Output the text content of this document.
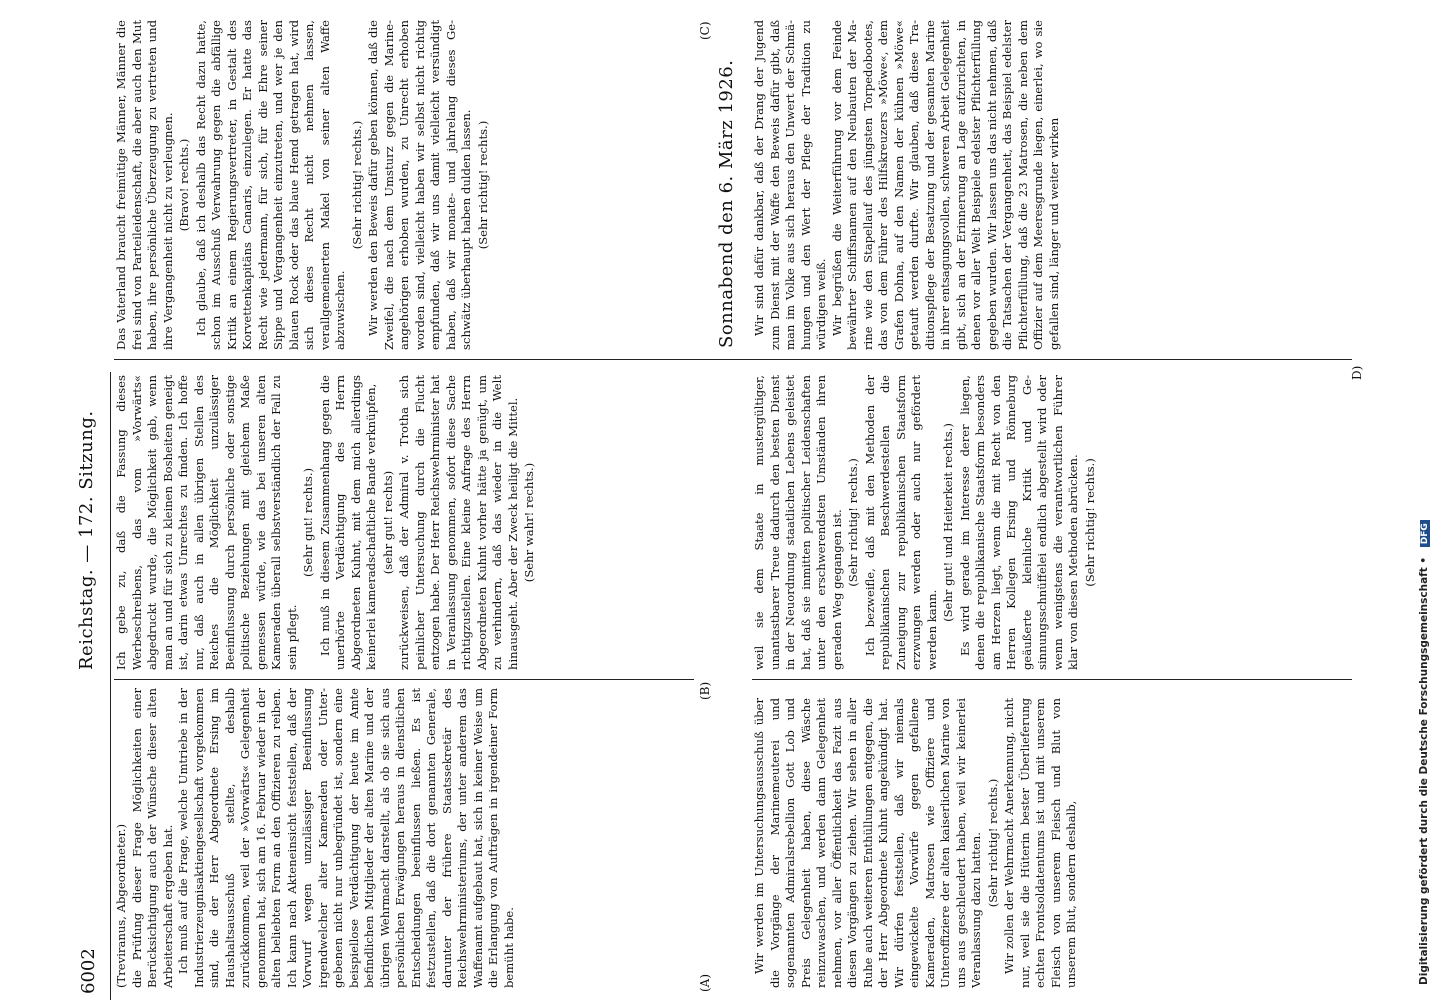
6002
Reichstag. — 172. Sitzung.

(Treviranus, Abgeordneter.) die Prüfung dieser Frage Möglichkeiten einer Berücksichtigung auch der Wünsche dieser alten Arbeiterschaft ergeben hat. Ich muß auf die Frage, welche Umtriebe in der Industrierzeugnisaktiengesellschaft vorgekommen sind, die der Herr Abgeordnete Ersing im Haushaltsausschuß stellte, deshalb zurückkommen, weil der »Vorwärts« Gelegenheit genommen hat, sich am 16. Februar wieder in der alten beliebten Form an den Offizieren zu reiben. Ich kann nach Akteneinsicht feststellen, daß der Vorwurf wegen unzulässiger Beeinflussung irgendwelcher alter Kameraden oder Untergebenen nicht nur unbegründet ist, sondern eine beispiellose Verdächtigung der heute im Amte befindlichen Mitglieder der alten Marine und der übrigen Wehrmacht darstellt, als ob sie sich aus persönlichen Erwägungen heraus in dienstlichen Entscheidungen beeinflussen ließen. Es ist festzustellen, daß die dort genannten Generale, darunter der frühere Staatssekretär des Reichswehrministeriums, der unter anderem das Waffenamt aufgebaut hat, sich in keiner Weise um die Erlangung von Aufträgen in irgendeiner Form bemüht habe.

Ich gebe zu, daß die Fassung dieses Werbeschreibens, das vom »Vorwärts« abgedruckt wurde, die Möglichkeit gab, wenn man an und für sich zu kleinen Bosheiten geneigt ist, darin etwas Unrechtes zu finden. Ich hoffe nur, daß auch in allen übrigen Stellen des Reiches die Möglichkeit unzulässiger Beeinflussung durch persönliche oder sonstige politische Beziehungen mit gleichem Maße gemessen würde, wie das bei unseren alten Kameraden überall selbstverständlich der Fall zu sein pflegt.

(Sehr gut! rechts.) Ich muß in diesem Zusammenhang gegen die unerhörte Verdächtigung des Herrn Abgeordneten Kuhnt, mit dem mich allerdings keinerlei kameradschaftliche Bande verknüpfen, (sehr gut! rechts) zurückweisen, daß der Admiral v. Trotha sich peinlicher Untersuchung durch die Flucht entzogen habe. Der Herr Reichswehrminister hat in Veranlassung genommen, sofort diese Sache richtigzustellen. Eine kleine Anfrage des Herrn Abgeordneten Kuhnt vorher hätte ja genügt, um zu verhindern, daß das wieder in die Welt hinausgeht. Aber der Zweck heiligt die Mittel. (Sehr wahr! rechts.)

Sonnabend den 6. März 1926.

Wir werden im Untersuchungsausschuß über die Vorgänge der Marinemeuterei und sogenannten Admiralsrebellion Gott Lob und Preis Gelegenheit haben, diese Wäsche reinzuwaschen, und werden dann Gelegenheit nehmen, vor aller Öffentlichkeit das Fazit aus diesen Vorgängen zu ziehen. Wir sehen in aller Ruhe auch weiteren Enthüllungen entgegen, die der Herr Abgeordnete Kuhnt angekündigt hat. Wir dürfen feststellen, daß wir niemals eingewickelte Vorwürfe gegen gefallene Kameraden, Matrosen wie Offiziere und Unteroffiziere der alten kaiserlichen Marine von uns aus geschleudert haben, weil wir keinerlei Veranlassung dazu hatten. (Sehr richtig! rechts.) Wir zollen der Wehrmacht Anerkennung, nicht nur, weil sie die Hüterin bester Überlieferung echten Frontsoldatentums ist und mit unserem Fleisch von unserem Fleisch und Blut von unserem Blut, sondern deshalb,

weil sie dem Staate in mustergültiger, unantastbarer Treue dadurch den besten Dienst in der Neuordnung staatlichen Lebens geleistet hat, daß sie inmitten politischer Leidenschaften unter den erschwerendsten Umständen ihren geraden Weg gegangen ist. (Sehr richtig! rechts.) Ich bezweifle, daß mit den Methoden der republikanischen Beschwerdestellen die Zuneigung zur republikanischen Staatsform erzwungen werden oder auch nur gefördert werden kann.

(Sehr gut! und Heiterkeit rechts.) Es wird gerade im Interesse derer liegen, denen die republikanische Staatsform besonders am Herzen liegt, wenn die mit Recht von den Herren Kollegen Ersing und Rönneburg geäußerte kleinliche Kritik und Gesinnungsschnüffelei endlich abgestellt wird oder wenn wenigstens die verantwortlichen Führer klar von diesen Methoden abrücken. (Sehr richtig! rechts.)

Das Vaterland braucht freimütige Männer, Männer die frei sind von Parteileidenschaft, die aber auch den Mut haben, ihre persönliche Überzeugung zu vertreten und ihre Vergangenheit nicht zu verleugnen. (Bravo! rechts.) Ich glaube, daß ich deshalb das Recht dazu hatte, schon im Ausschuß Verwahrung gegen die abfällige Kritik an einem Regierungsvertreter, in Gestalt des Korvettenkapitäns Canaris, einzulegen. Er hatte das Recht wie jedermann, für sich, für die Ehre seiner Sippe und Vergangenheit einzutreten, und wer je den blauen Rock oder das blaue Hemd getragen hat, wird sich dieses Recht nicht nehmen lassen, verallgemeinerten Makel von seiner alten Waffe abzuwischen.

(Sehr richtig! rechts.) Wir werden den Beweis dafür geben können, daß die Zweifel, die nach dem Umsturz gegen die Marineangehörigen erhoben wurden, zu Unrecht erhoben worden sind, vielleicht haben wir selbst nicht richtig empfunden, daß wir uns damit vielleicht versündigt haben, daß wir monate- und jahrelang dieses Geschwätz überhaupt haben dulden lassen. (Sehr richtig! rechts.)	Wir sind dafür dankbar, daß der Drang der Jugend zum Dienst mit der Waffe den Beweis dafür gibt, daß man im Volke aus sich heraus den Unwert der Schmähungen und den Wert der Pflege der Tradition zu würdigen weiß. Wir begrüßen die Weiterführung vor dem Feinde bewährter Schiffsnamen auf den Neubauten der Marine wie den Stapellauf des jüngsten Torpedobootes, das von dem Führer des Hilfskreuzers »Möwe«, dem Grafen Dohna, auf den Namen der kühnen »Möwe« getauft werden durfte. Wir glauben, daß diese Traditionspflege der Besatzung und der gesamten Marine in ihrer entsagungsvollen, schweren Arbeit Gelegenheit gibt, sich an der Erinnerung an Lage aufzurichten, in denen vor aller Welt Beispiele edelster Pflichterfüllung gegeben wurden. Wir lassen uns das nicht nehmen, daß die Tatsachen der Vergangenheit, das Beispiel edelster Pflichterfüllung, daß die 23 Matrosen, die neben dem Offizier auf dem Meeresgrunde liegen, einerlei, wo sie gefallen sind, länger und weiter wirken

(A)
(B)
(C)
D)
Digitalisierung gefördert durch die Deutsche Forschungsgemeinschaft • DFG
